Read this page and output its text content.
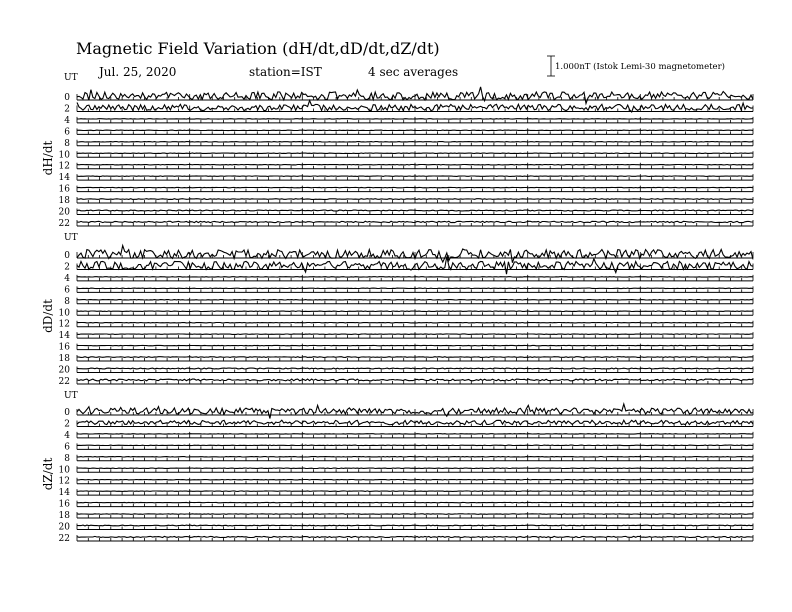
Magnetic Field Variation (dH/dt,dD/dt,dZ/dt)
Jul. 25, 2020	station=IST	4 sec averages	1.000nT (Istok Lemi-30 magnetometer)
UT
dH/dt
0
2
4
6
8
10
12
14
16
18
20
22
UT
dD/dt
0
2
4
6
8
10
12
14
16
18
20
22
UT
dZ/dt
0
2
4
6
8
10
12
14
16
18
20
22
